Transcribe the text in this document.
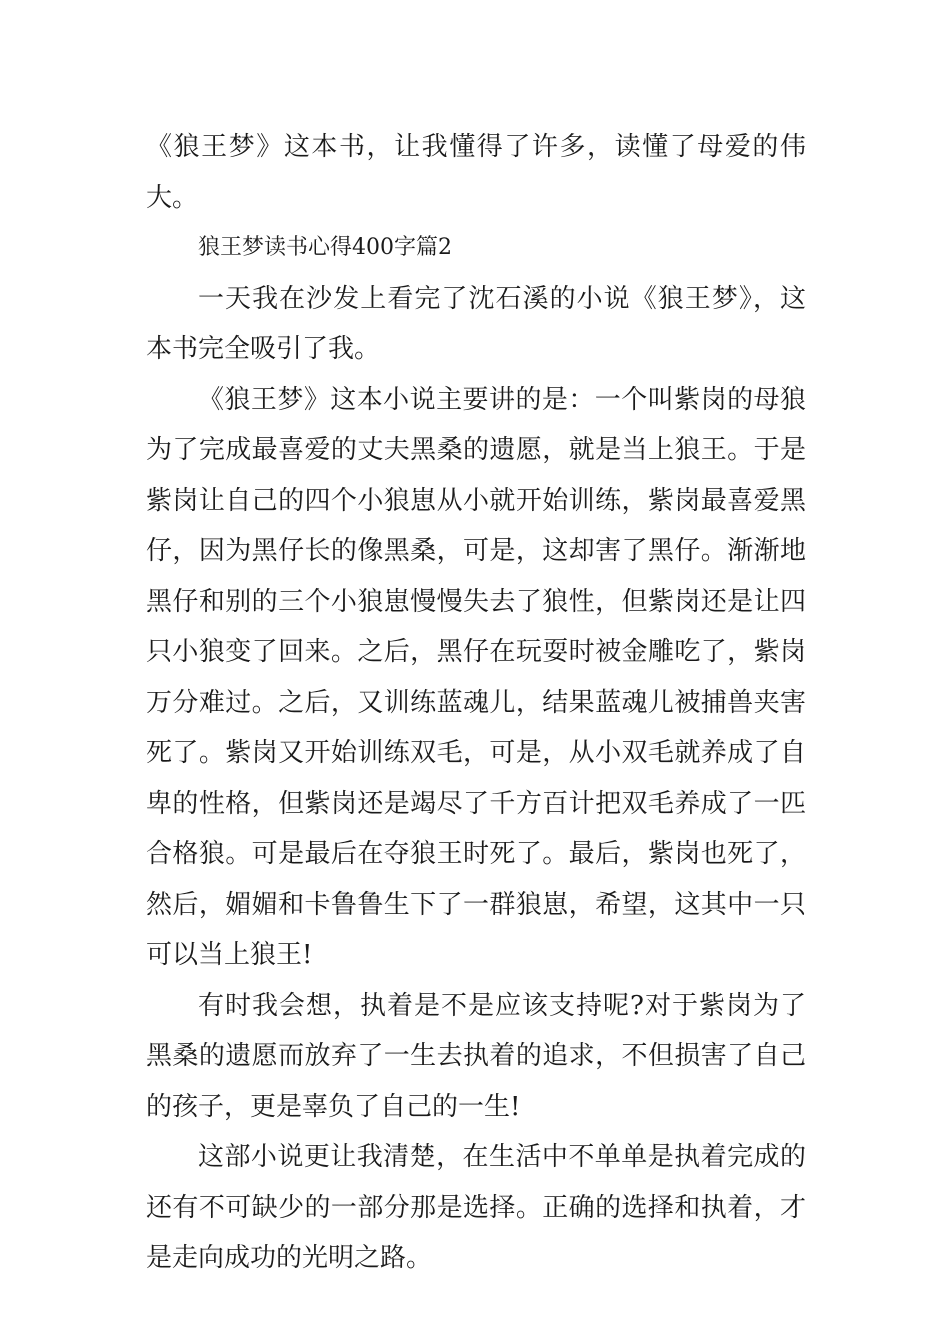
《狼王梦》这本书，让我懂得了许多，读懂了母爱的伟大。

狼王梦读书心得400字篇2

一天我在沙发上看完了沈石溪的小说《狼王梦》，这本书完全吸引了我。

《狼王梦》这本小说主要讲的是：一个叫紫岗的母狼为了完成最喜爱的丈夫黑桑的遗愿，就是当上狼王。于是紫岗让自己的四个小狼崽从小就开始训练，紫岗最喜爱黑仔，因为黑仔长的像黑桑，可是，这却害了黑仔。渐渐地黑仔和别的三个小狼崽慢慢失去了狼性，但紫岗还是让四只小狼变了回来。之后，黑仔在玩耍时被金雕吃了，紫岗万分难过。之后，又训练蓝魂儿，结果蓝魂儿被捕兽夹害死了。紫岗又开始训练双毛，可是，从小双毛就养成了自卑的性格，但紫岗还是竭尽了千方百计把双毛养成了一匹合格狼。可是最后在夺狼王时死了。最后，紫岗也死了，然后，媚媚和卡鲁鲁生下了一群狼崽，希望，这其中一只可以当上狼王!

有时我会想，执着是不是应该支持呢?对于紫岗为了黑桑的遗愿而放弃了一生去执着的追求，不但损害了自己的孩子，更是辜负了自己的一生!

这部小说更让我清楚，在生活中不单单是执着完成的还有不可缺少的一部分那是选择。正确的选择和执着，才是走向成功的光明之路。
